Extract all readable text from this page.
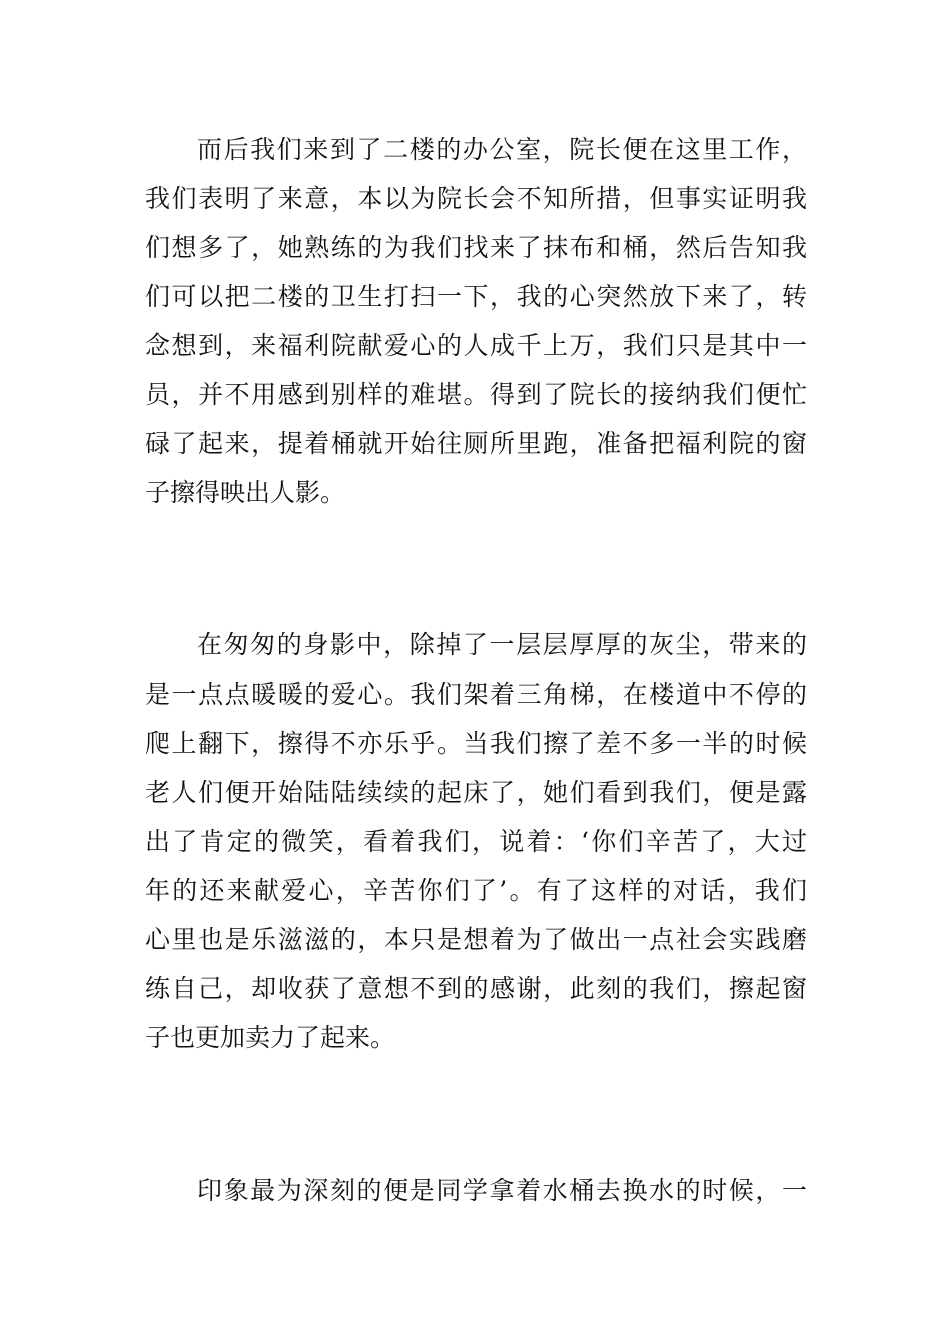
而后我们来到了二楼的办公室，院长便在这里工作，
我们表明了来意，本以为院长会不知所措，但事实证明我
们想多了，她熟练的为我们找来了抹布和桶，然后告知我
们可以把二楼的卫生打扫一下，我的心突然放下来了，转
念想到，来福利院献爱心的人成千上万，我们只是其中一
员，并不用感到别样的难堪。得到了院长的接纳我们便忙
碌了起来，提着桶就开始往厕所里跑，准备把福利院的窗
子擦得映出人影。
在匆匆的身影中，除掉了一层层厚厚的灰尘，带来的
是一点点暖暖的爱心。我们架着三角梯，在楼道中不停的
爬上翻下，擦得不亦乐乎。当我们擦了差不多一半的时候
老人们便开始陆陆续续的起床了，她们看到我们，便是露
出了肯定的微笑，看着我们，说着：‘你们辛苦了，大过
年的还来献爱心，辛苦你们了’。有了这样的对话，我们
心里也是乐滋滋的，本只是想着为了做出一点社会实践磨
练自己，却收获了意想不到的感谢，此刻的我们，擦起窗
子也更加卖力了起来。
印象最为深刻的便是同学拿着水桶去换水的时候，一
